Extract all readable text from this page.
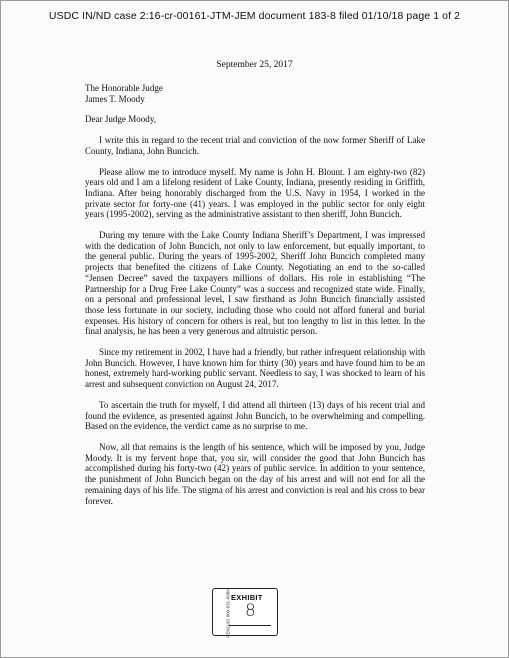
USDC IN/ND case 2:16-cr-00161-JTM-JEM document 183-8 filed 01/10/18 page 1 of 2
September 25, 2017
The Honorable Judge
James T. Moody
Dear Judge Moody,
I write this in regard to the recent trial and conviction of the now former Sheriff of Lake County, Indiana, John Buncich.
Please allow me to introduce myself. My name is John H. Blount. I am eighty-two (82) years old and I am a lifelong resident of Lake County, Indiana, presently residing in Griffith, Indiana. After being honorably discharged from the U.S. Navy in 1954, I worked in the private sector for forty-one (41) years. I was employed in the public sector for only eight years (1995-2002), serving as the administrative assistant to then sheriff, John Buncich.
During my tenure with the Lake County Indiana Sheriff’s Department, I was impressed with the dedication of John Buncich, not only to law enforcement, but equally important, to the general public. During the years of 1995-2002, Sheriff John Buncich completed many projects that benefited the citizens of Lake County. Negotiating an end to the so-called “Jensen Decree” saved the taxpayers millions of dollars. His role in establishing “The Partnership for a Drug Free Lake County” was a success and recognized state wide. Finally, on a personal and professional level, I saw firsthand as John Buncich financially assisted those less fortunate in our society, including those who could not afford funeral and burial expenses. His history of concern for others is real, but too lengthy to list in this letter. In the final analysis, he has been a very generous and altruistic person.
Since my retirement in 2002, I have had a friendly, but rather infrequent relationship with John Buncich. However, I have known him for thirty (30) years and have found him to be an honest, extremely hard-working public servant. Needless to say, I was shocked to learn of his arrest and subsequent conviction on August 24, 2017.
To ascertain the truth for myself, I did attend all thirteen (13) days of his recent trial and found the evidence, as presented against John Buncich, to be overwhelming and compelling. Based on the evidence, the verdict came as no surprise to me.
Now, all that remains is the length of his sentence, which will be imposed by you, Judge Moody. It is my fervent hope that, you sir, will consider the good that John Buncich has accomplished during his forty-two (42) years of public service. In addition to your sentence, the punishment of John Buncich began on the day of his arrest and will not end for all the remaining days of his life. The stigma of his arrest and conviction is real and his cross to bear forever.
EXHIBIT
PENGAD 800-631-6989 8
